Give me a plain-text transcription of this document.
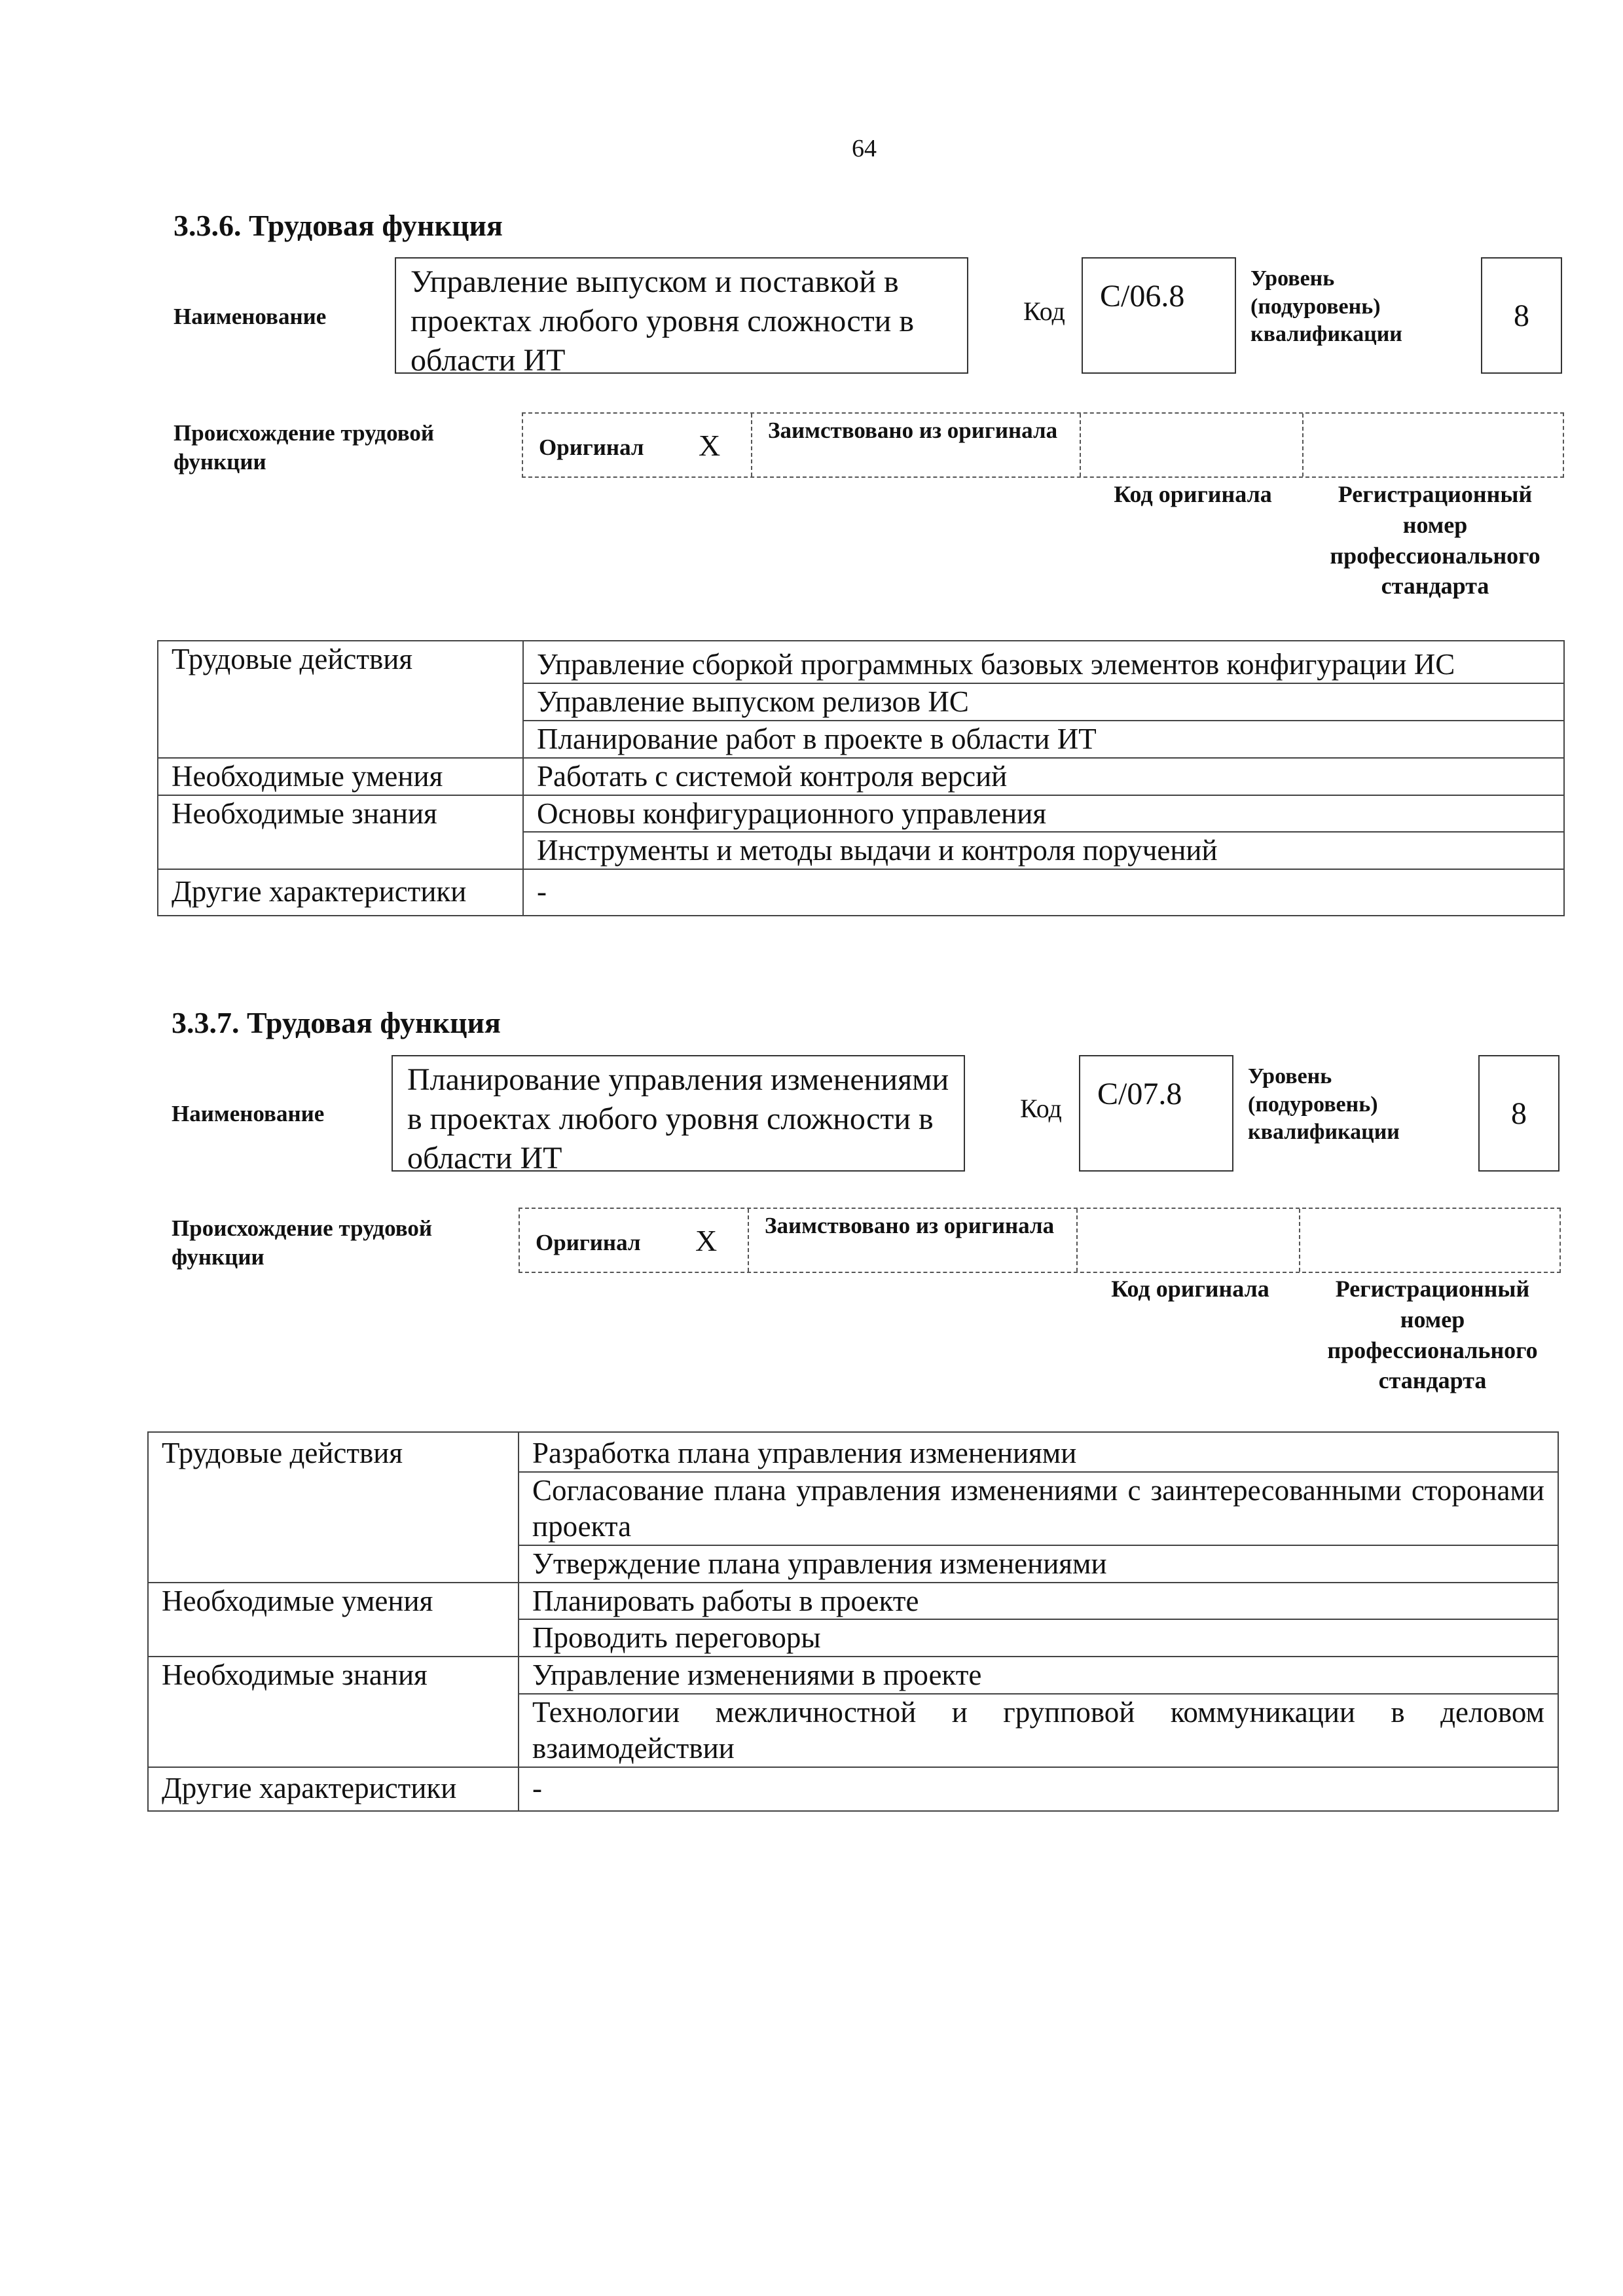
64
3.3.6. Трудовая функция
Наименование
Управление выпуском и поставкой в проектах любого уровня сложности в области ИТ
Код	С/06.8
Уровень (подуровень) квалификации
8
Происхождение трудовой функции
Оригинал X Заимствовано из оригинала
Код оригинала	Регистрационный номер профессионального стандарта
Трудовые действия	Управление сборкой программных базовых элементов конфигурации ИС
	Управление выпуском релизов ИС
	Планирование работ в проекте в области ИТ
Необходимые умения	Работать с системой контроля версий
Необходимые знания	Основы конфигурационного управления
	Инструменты и методы выдачи и контроля поручений
Другие характеристики	-
3.3.7. Трудовая функция
Наименование
Планирование управления изменениями в проектах любого уровня сложности в области ИТ
Код	С/07.8
Уровень (подуровень) квалификации
8
Происхождение трудовой функции
Оригинал X Заимствовано из оригинала
Код оригинала	Регистрационный номер профессионального стандарта
Трудовые действия	Разработка плана управления изменениями
	Согласование плана управления изменениями с заинтересованными сторонами проекта
	Утверждение плана управления изменениями
Необходимые умения	Планировать работы в проекте
	Проводить переговоры
Необходимые знания	Управление изменениями в проекте
	Технологии межличностной и групповой коммуникации в деловом взаимодействии
Другие характеристики	-
